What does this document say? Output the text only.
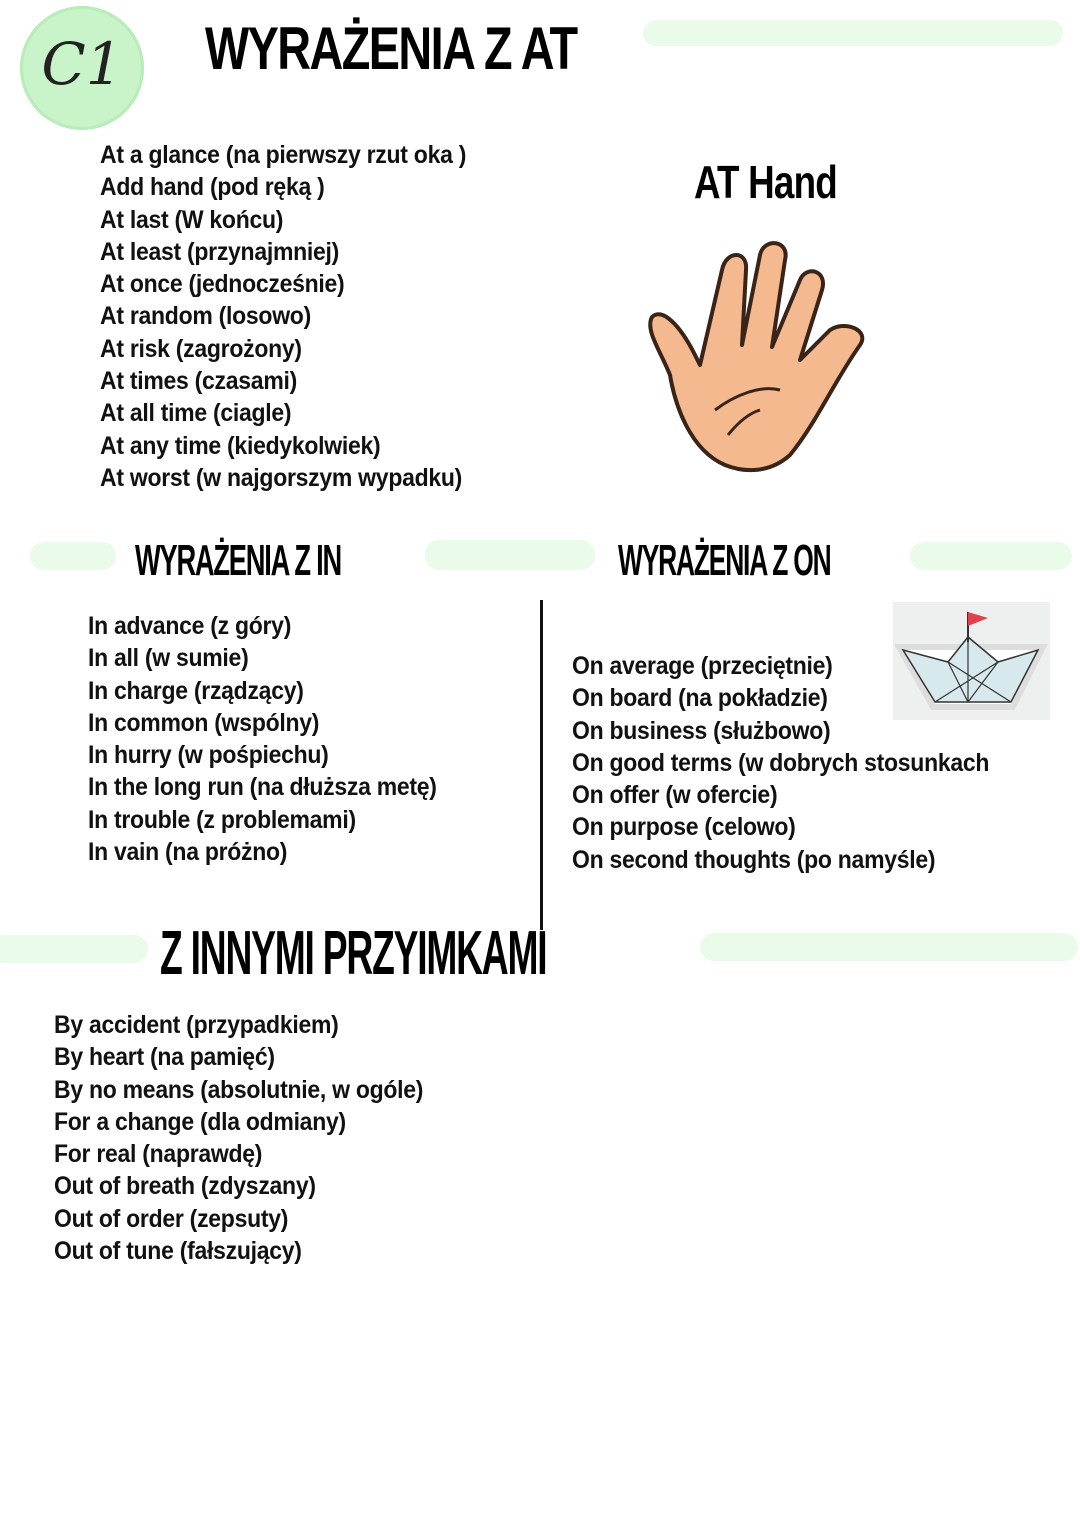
C1	WYRAŻENIA Z AT
At a glance (na pierwszy rzut oka )
Add hand (pod ręką )
At last (W końcu)
At least (przynajmniej)
At once (jednocześnie)
At random (losowo)
At risk (zagrożony)
At times (czasami)
At all time (ciagle)
At any time (kiedykolwiek)
At worst (w najgorszym wypadku)
AT Hand
WYRAŻENIA Z IN
In advance (z góry)
In all (w sumie)
In charge (rządzący)
In common (wspólny)
In hurry (w pośpiechu)
In the long run (na dłuższa metę)
In trouble (z problemami)
In vain (na próżno)
WYRAŻENIA Z ON
On average (przeciętnie)
On board (na pokładzie)
On business (służbowo)
On good terms (w dobrych stosunkach
On offer (w ofercie)
On purpose (celowo)
On second thoughts (po namyśle)
Z INNYMI PRZYIMKAMI
By accident (przypadkiem)
By heart (na pamięć)
By no means (absolutnie, w ogóle)
For a change (dla odmiany)
For real (naprawdę)
Out of breath (zdyszany)
Out of order (zepsuty)
Out of tune (fałszujący)
